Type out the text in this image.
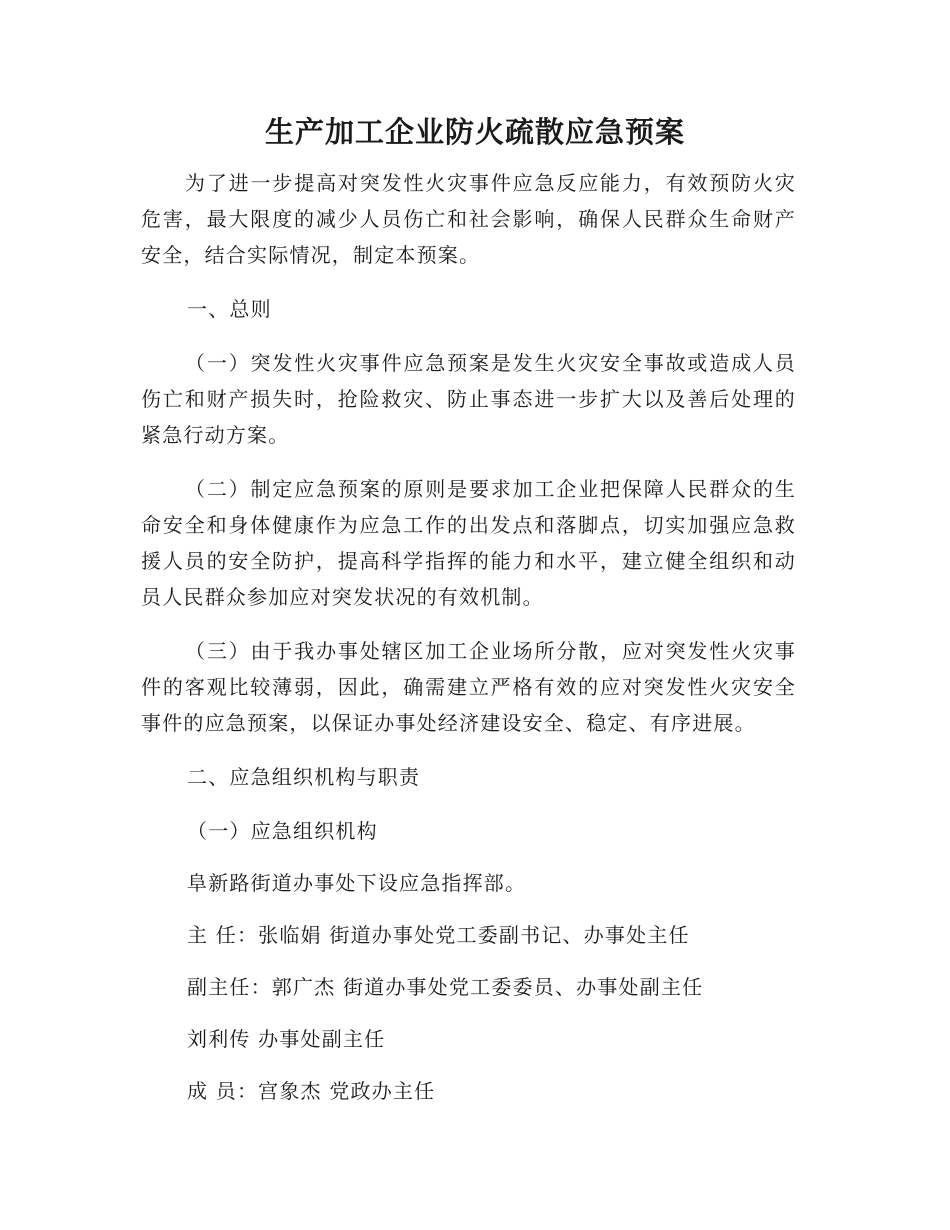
生产加工企业防火疏散应急预案

为了进一步提高对突发性火灾事件应急反应能力，有效预防火灾危害，最大限度的减少人员伤亡和社会影响，确保人民群众生命财产安全，结合实际情况，制定本预案。

一、总则

（一）突发性火灾事件应急预案是发生火灾安全事故或造成人员伤亡和财产损失时，抢险救灾、防止事态进一步扩大以及善后处理的紧急行动方案。

（二）制定应急预案的原则是要求加工企业把保障人民群众的生命安全和身体健康作为应急工作的出发点和落脚点，切实加强应急救援人员的安全防护，提高科学指挥的能力和水平，建立健全组织和动员人民群众参加应对突发状况的有效机制。

（三）由于我办事处辖区加工企业场所分散，应对突发性火灾事件的客观比较薄弱，因此，确需建立严格有效的应对突发性火灾安全事件的应急预案，以保证办事处经济建设安全、稳定、有序进展。

二、应急组织机构与职责

（一）应急组织机构

阜新路街道办事处下设应急指挥部。

主 任：张临娟 街道办事处党工委副书记、办事处主任

副主任：郭广杰 街道办事处党工委委员、办事处副主任

刘利传 办事处副主任

成 员：宫象杰 党政办主任
